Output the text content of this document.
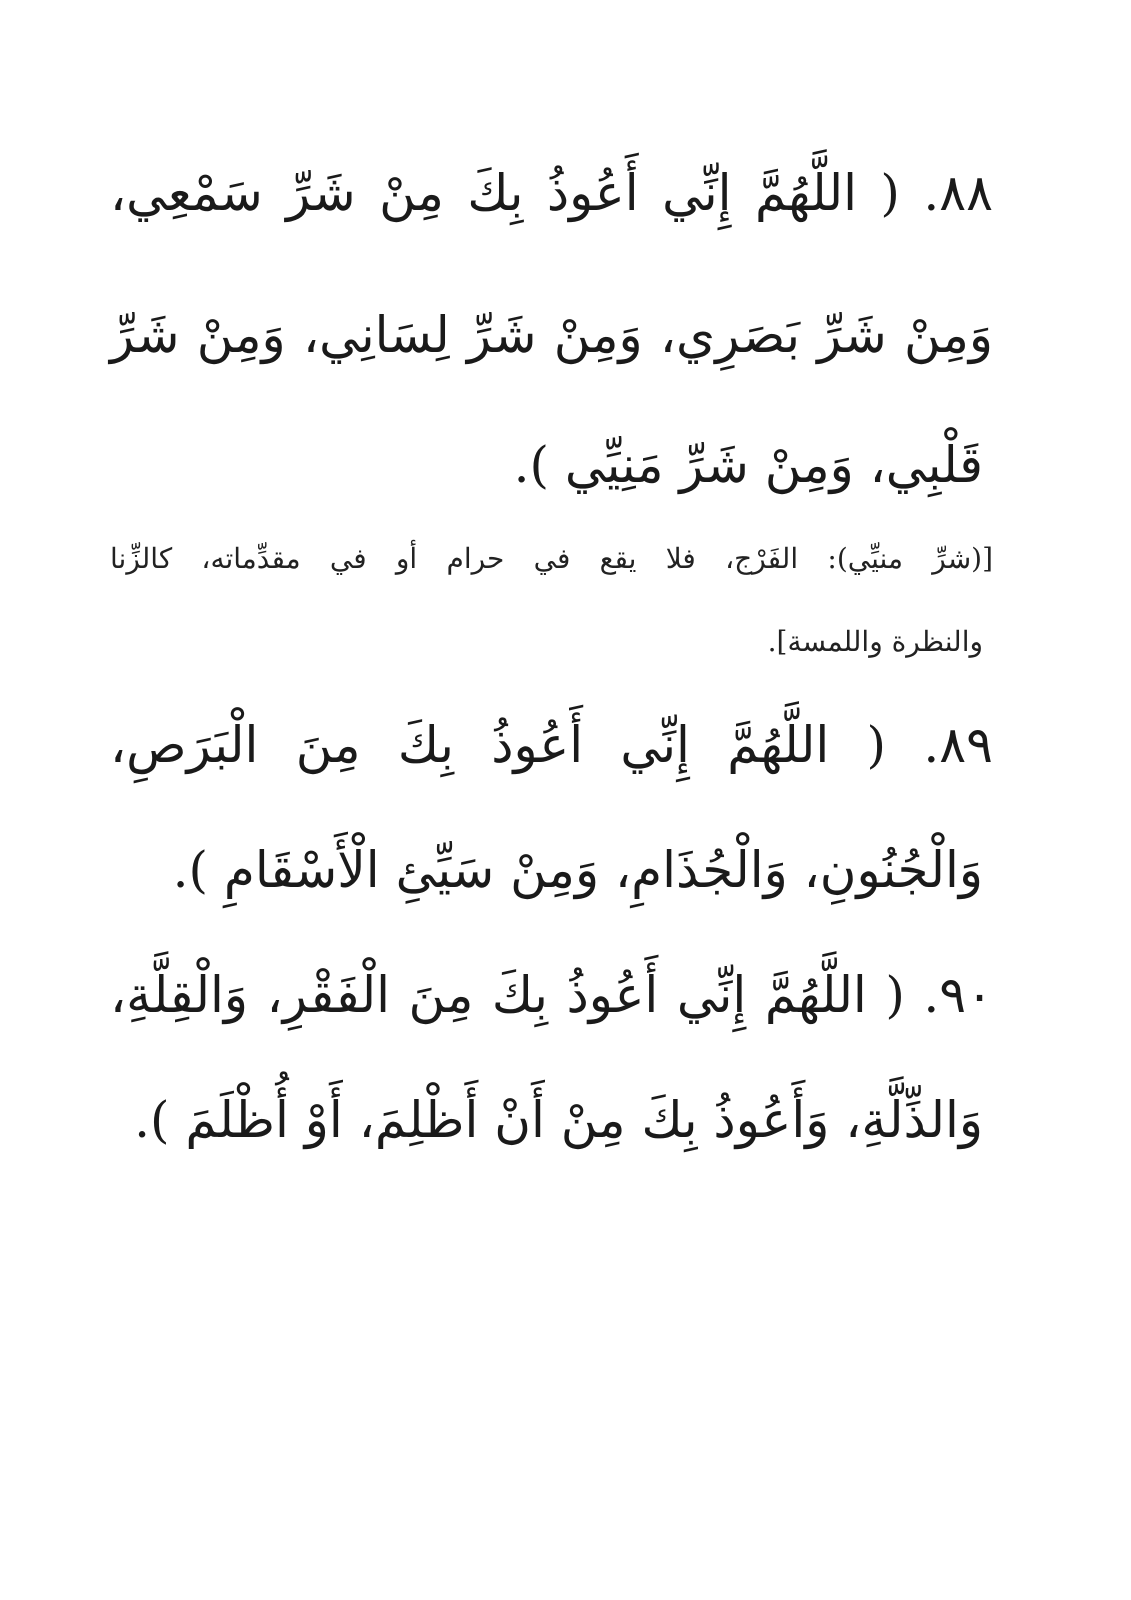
٨٨. ( اللَّهُمَّ إِنِّي أَعُوذُ بِكَ مِنْ شَرِّ سَمْعِي،
وَمِنْ شَرِّ بَصَرِي، وَمِنْ شَرِّ لِسَانِي، وَمِنْ شَرِّ
قَلْبِي، وَمِنْ شَرِّ مَنِيِّي ).
[(شرِّ منيِّي): الفَرْج، فلا يقع في حرام أو في مقدِّماته، كالزِّنا
والنظرة واللمسة].
٨٩. ( اللَّهُمَّ إِنِّي أَعُوذُ بِكَ مِنَ الْبَرَصِ،
وَالْجُنُونِ، وَالْجُذَامِ، وَمِنْ سَيِّئِ الْأَسْقَامِ ).
٩٠. ( اللَّهُمَّ إِنِّي أَعُوذُ بِكَ مِنَ الْفَقْرِ، وَالْقِلَّةِ،
وَالذِّلَّةِ، وَأَعُوذُ بِكَ مِنْ أَنْ أَظْلِمَ، أَوْ أُظْلَمَ ).
